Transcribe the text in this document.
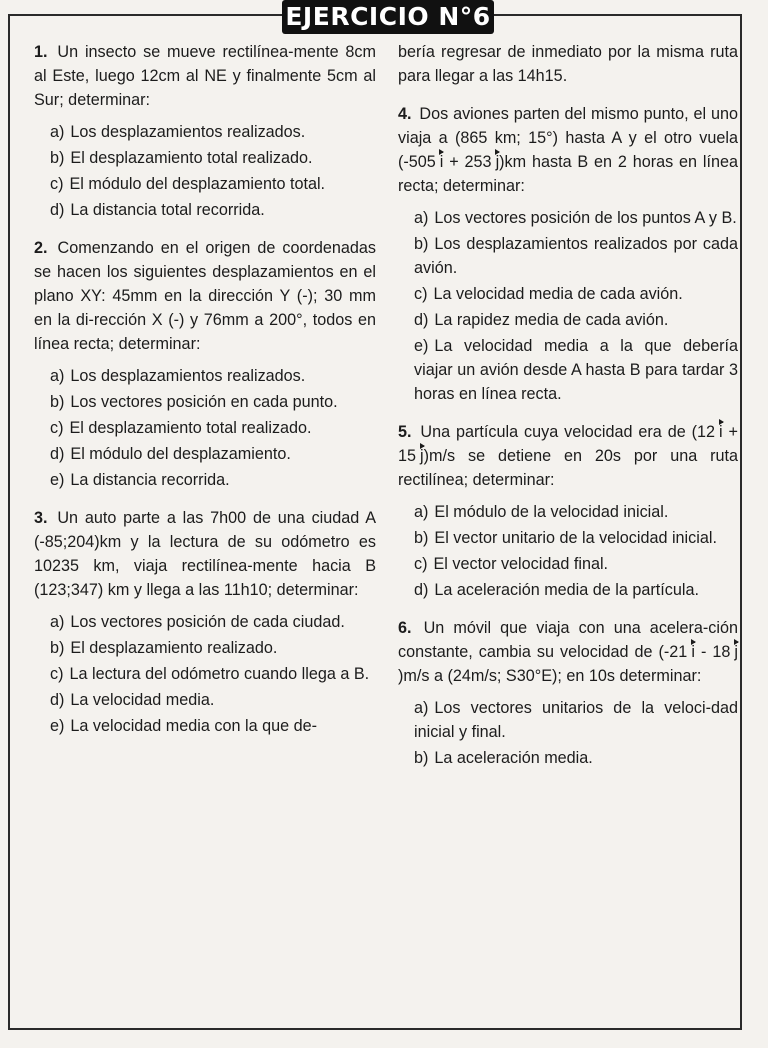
EJERCICIO N°6

1. Un insecto se mueve rectilínea-mente 8cm al Este, luego 12cm al NE y finalmente 5cm al Sur; determinar:

a) Los desplazamientos realizados.
b) El desplazamiento total realizado.
c) El módulo del desplazamiento total.
d) La distancia total recorrida.

2. Comenzando en el origen de coordenadas se hacen los siguientes desplazamientos en el plano XY: 45mm en la dirección Y (-); 30 mm en la di-rección X (-) y 76mm a 200°, todos en línea recta; determinar:

a) Los desplazamientos realizados.
b) Los vectores posición en cada punto.
c) El desplazamiento total realizado.
d) El módulo del desplazamiento.
e) La distancia recorrida.

3. Un auto parte a las 7h00 de una ciudad A (-85;204)km y la lectura de su odómetro es 10235 km, viaja rectilínea-mente hacia B (123;347) km y llega a las 11h10; determinar:

a) Los vectores posición de cada ciudad.
b) El desplazamiento realizado.
c) La lectura del odómetro cuando llega a B.
d) La velocidad media.
e) La velocidad media con la que de-

bería regresar de inmediato por la misma ruta para llegar a las 14h15.

4. Dos aviones parten del mismo punto, el uno viaja a (865 km; 15°) hasta A y el otro vuela (-505 i + 253 j)km hasta B en 2 horas en línea recta; determinar:

a) Los vectores posición de los puntos A y B.
b) Los desplazamientos realizados por cada avión.
c) La velocidad media de cada avión.
d) La rapidez media de cada avión.
e) La velocidad media a la que debería viajar un avión desde A hasta B para tardar 3 horas en línea recta.

5. Una partícula cuya velocidad era de (12 i + 15 j)m/s se detiene en 20s por una ruta rectilínea; determinar:

a) El módulo de la velocidad inicial.
b) El vector unitario de la velocidad inicial.
c) El vector velocidad final.
d) La aceleración media de la partícula.

6. Un móvil que viaja con una acelera-ción constante, cambia su velocidad de (-21 i - 18 j)m/s a (24m/s; S30°E); en 10s determinar:

a) Los vectores unitarios de la veloci-dad inicial y final.
b) La aceleración media.
